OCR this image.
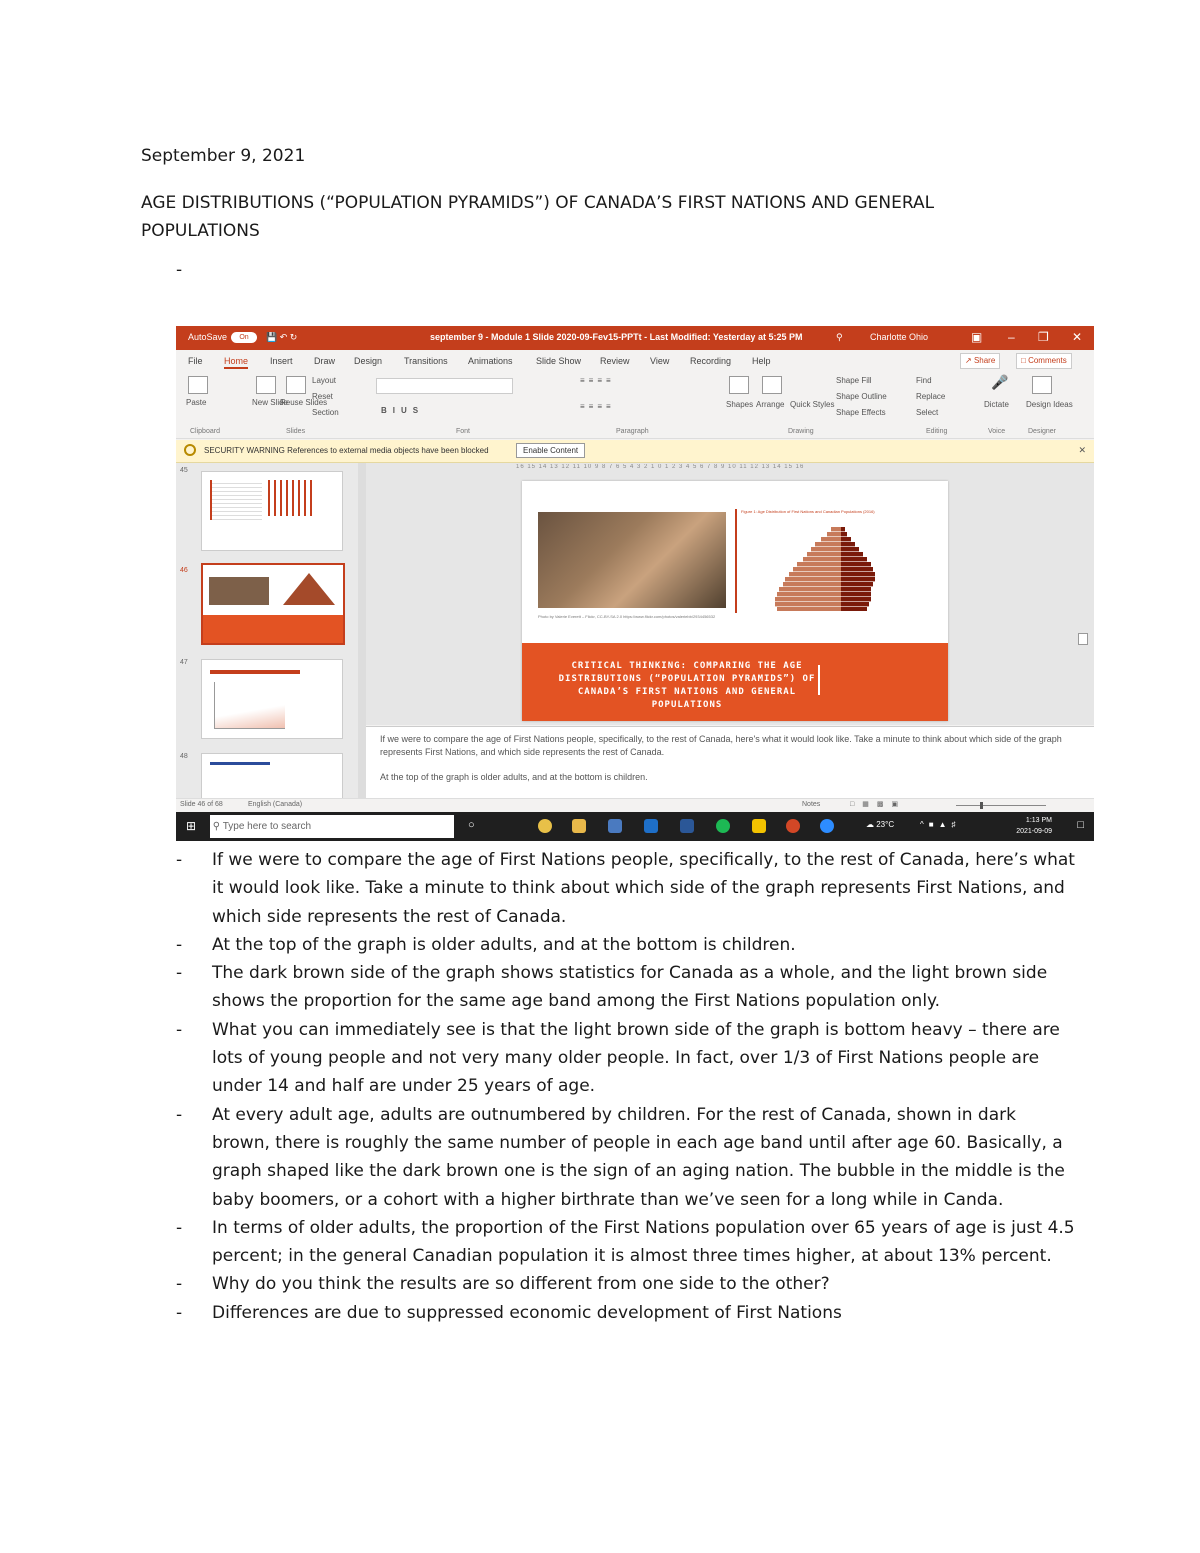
September 9, 2021
AGE DISTRIBUTIONS (“POPULATION PYRAMIDS”) OF CANADA’S FIRST NATIONS AND GENERAL POPULATIONS
-
AutoSave	On	💾 ↶ ↻	september 9 - Module 1 Slide 2020-09-Fev15-PPTt - Last Modified: Yesterday at 5:25 PM	⚲	Charlotte Ohio	▣ – ❐ ✕
File Home Insert Draw Design Transitions Animations	Slide Show Review View Recording Help	↗ Share	□ Comments
Paste	New Slide
Reuse Slides
Layout
Reset
Section	BIUS
≡≡≡≡
≡≡≡≡	Shapes Arrange Quick Styles
Shape Fill
Shape Outline
Shape Effects
Find
Replace
Select
🎤
Dictate Design Ideas
Clipboard	Slides	Font	Paragraph	Drawing	Editing	Voice	Designer
SECURITY WARNING References to external media objects have been blocked	Enable Content	✕
45
46
47
48
16 15 14 13 12 11 10 9 8 7 6 5 4 3 2 1 0 1 2 3 4 5 6 7 8 9 10 11 12 13 14 15 16
Photo by Valerie Everett – Flickr, CC-BY-SA 2.0 https://www.flickr.com/photos/valeriebb/2934456532
Figure 1: Age Distribution of First Nations and Canadian Populations (2016)
CRITICAL THINKING: COMPARING THE AGE DISTRIBUTIONS (“POPULATION PYRAMIDS”) OF CANADA’S FIRST NATIONS AND GENERAL POPULATIONS

If we were to compare the age of First Nations people, specifically, to the rest of Canada, here's what it would look like. Take a minute to think about which side of the graph represents First Nations, and which side represents the rest of Canada.

At the top of the graph is older adults, and at the bottom is children.

Slide 46 of 68	English (Canada)	Notes	□▦▩▣
⊞ ⚲ Type here to search	○	☁ 23°C	^■▲♯	1:13 PM
2021-09-09
□
- If we were to compare the age of First Nations people, specifically, to the rest of Canada, here’s what it would look like. Take a minute to think about which side of the graph represents First Nations, and which side represents the rest of Canada.
- At the top of the graph is older adults, and at the bottom is children.
- The dark brown side of the graph shows statistics for Canada as a whole, and the light brown side shows the proportion for the same age band among the First Nations population only.
- What you can immediately see is that the light brown side of the graph is bottom heavy – there are lots of young people and not very many older people. In fact, over 1/3 of First Nations people are under 14 and half are under 25 years of age.
- At every adult age, adults are outnumbered by children. For the rest of Canada, shown in dark brown, there is roughly the same number of people in each age band until after age 60. Basically, a graph shaped like the dark brown one is the sign of an aging nation. The bubble in the middle is the baby boomers, or a cohort with a higher birthrate than we’ve seen for a long while in Canda.
- In terms of older adults, the proportion of the First Nations population over 65 years of age is just 4.5 percent; in the general Canadian population it is almost three times higher, at about 13% percent.
- Why do you think the results are so different from one side to the other?
- Differences are due to suppressed economic development of First Nations
